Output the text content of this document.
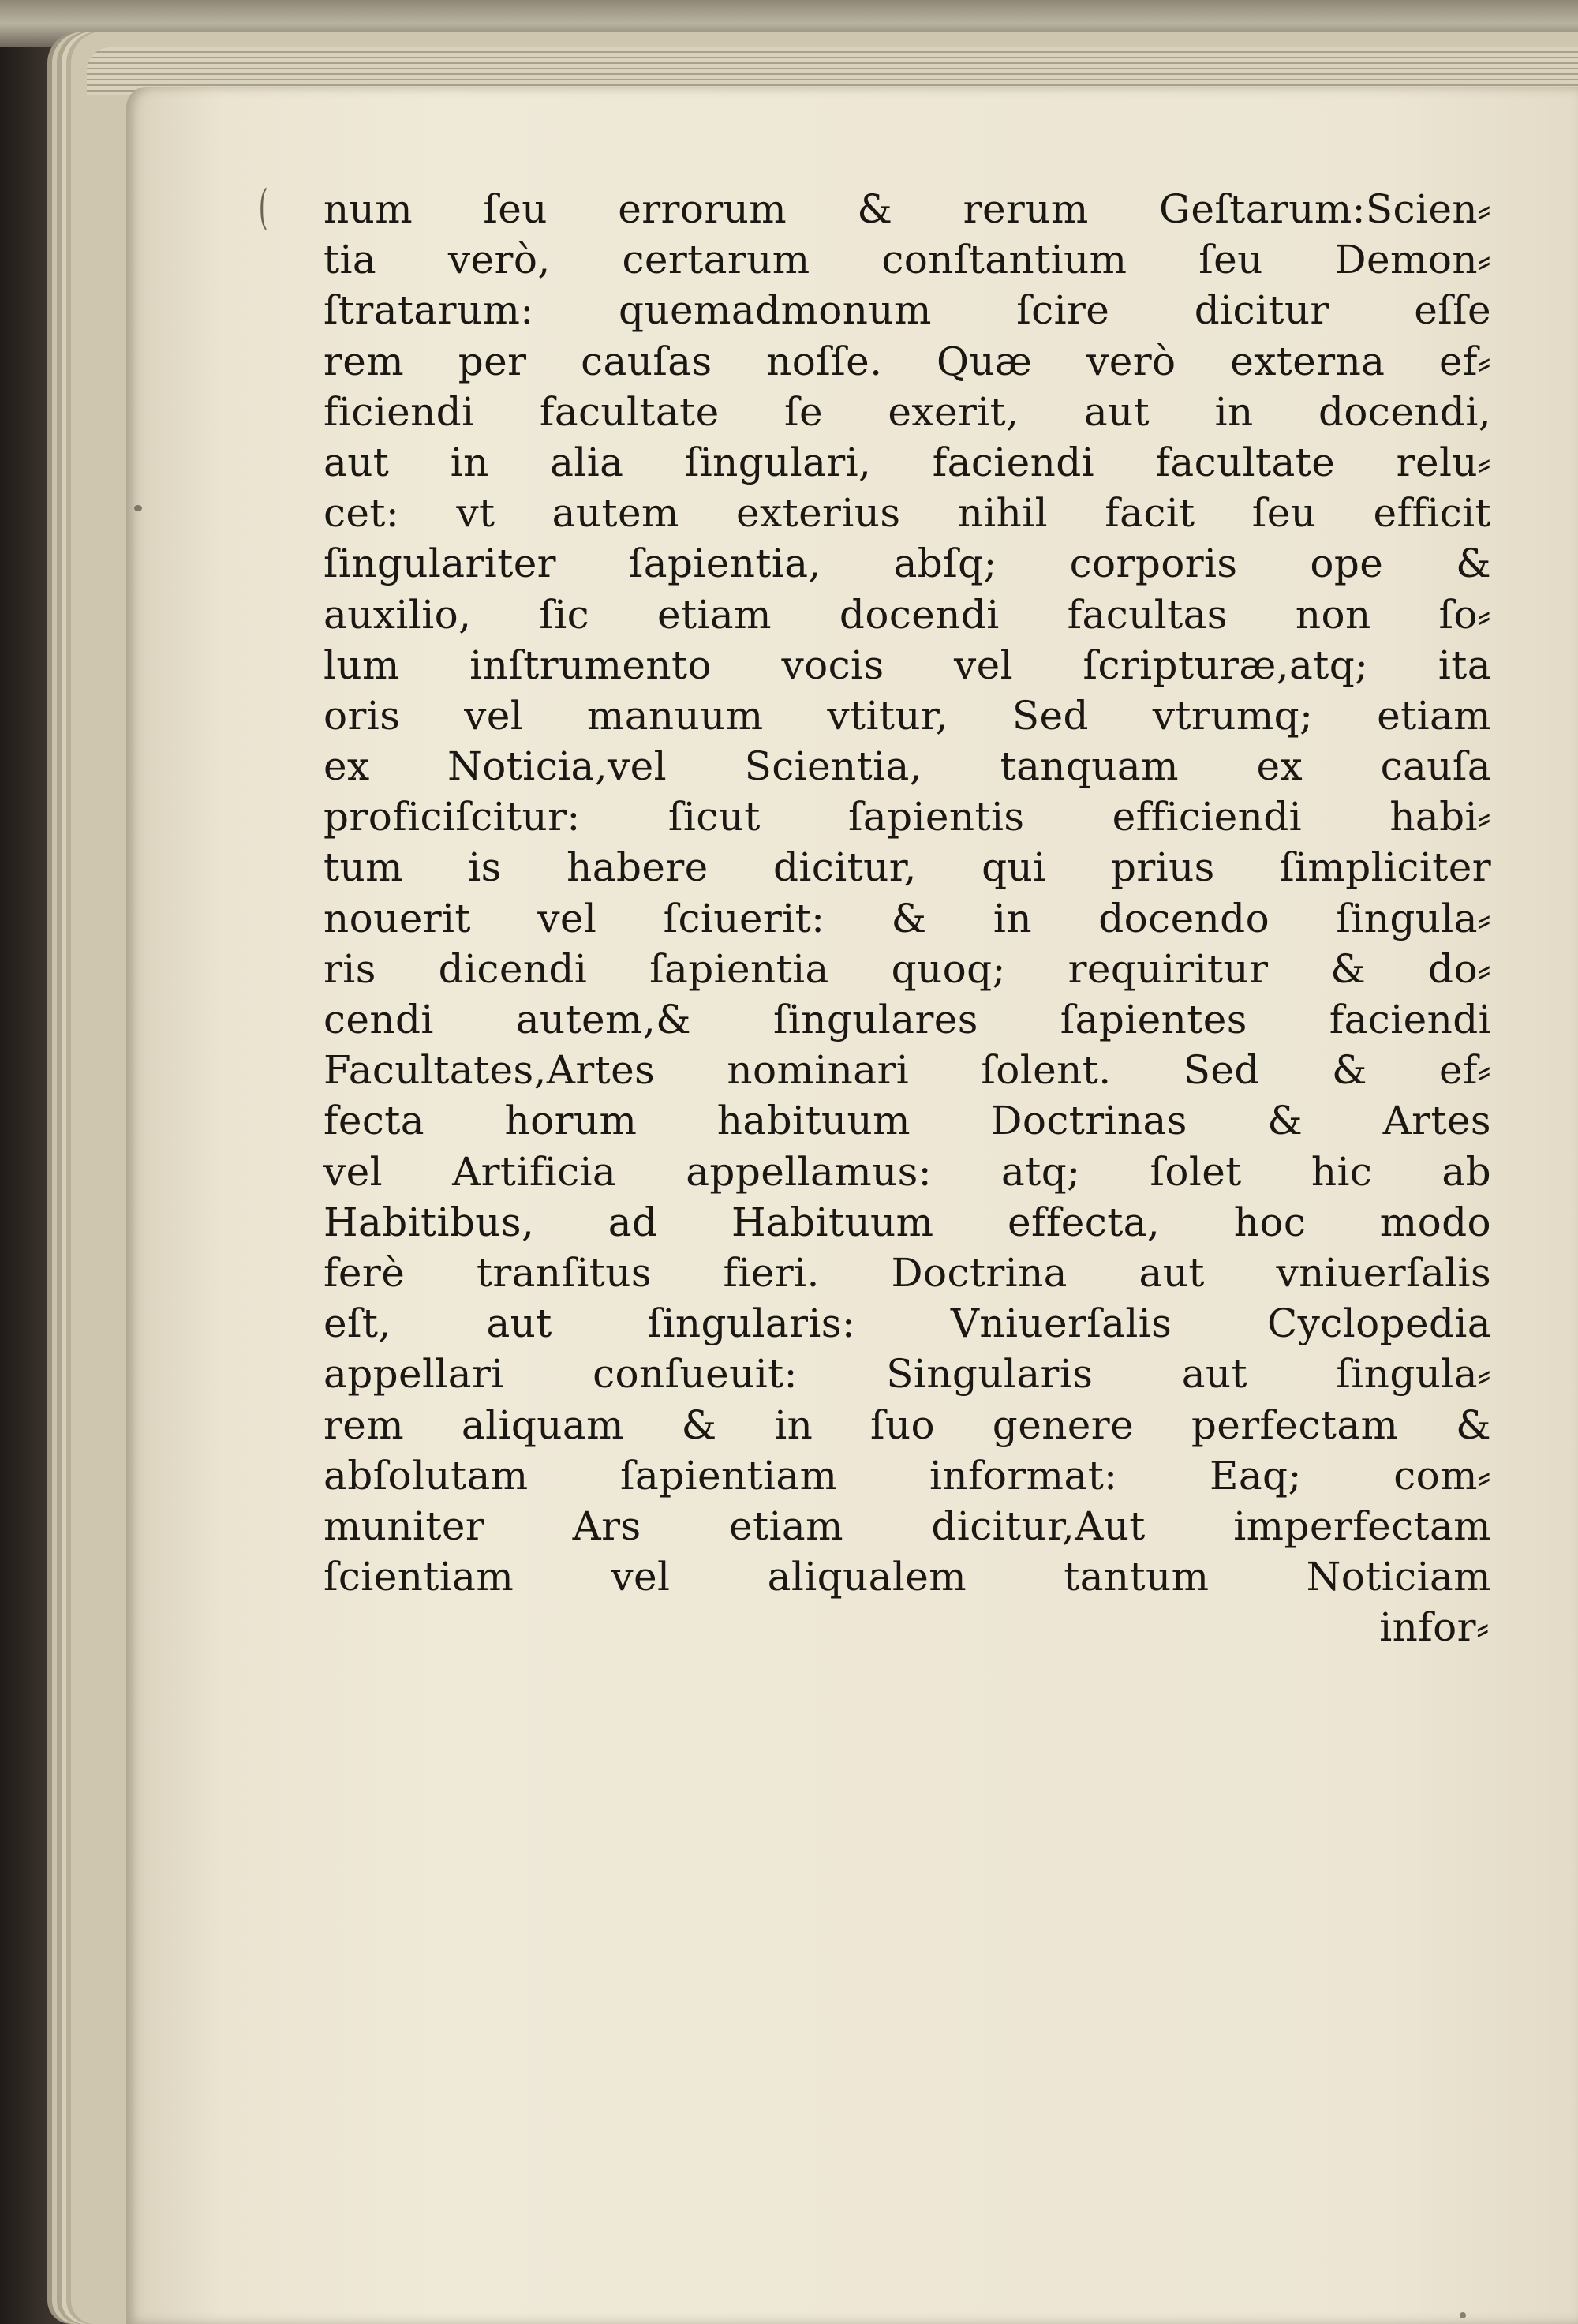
( num ſeu errorum & rerum Geſtarum:Scien⸗
tia verò, certarum conſtantium ſeu Demon⸗
ſtratarum: quemadmonum ſcire dicitur eſſe
rem per cauſas noſſe. Quæ verò externa ef⸗
ficiendi facultate ſe exerit, aut in docendi,
aut in alia ſingulari, faciendi facultate relu⸗
cet: vt autem exterius nihil facit ſeu efficit
ſingulariter ſapientia, abſq; corporis ope &
auxilio, ſic etiam docendi facultas non ſo⸗
lum inſtrumento vocis vel ſcripturæ,atq; ita
oris vel manuum vtitur, Sed vtrumq; etiam
ex Noticia,vel Scientia, tanquam ex cauſa
proficiſcitur: ſicut ſapientis efficiendi habi⸗
tum is habere dicitur, qui prius ſimpliciter
nouerit vel ſciuerit: & in docendo ſingula⸗
ris dicendi ſapientia quoq; requiritur & do⸗
cendi autem,& ſingulares ſapientes faciendi
Facultates,Artes nominari ſolent. Sed & ef⸗
fecta horum habituum Doctrinas & Artes
vel Artificia appellamus: atq; ſolet hic ab
Habitibus, ad Habituum effecta, hoc modo
ferè tranſitus fieri. Doctrina aut vniuerſalis
eſt, aut ſingularis: Vniuerſalis Cyclopedia
appellari conſueuit: Singularis aut ſingula⸗
rem aliquam & in ſuo genere perfectam &
abſolutam ſapientiam informat: Eaq; com⸗
muniter Ars etiam dicitur,Aut imperfectam
ſcientiam vel aliqualem tantum Noticiam
infor⸗
